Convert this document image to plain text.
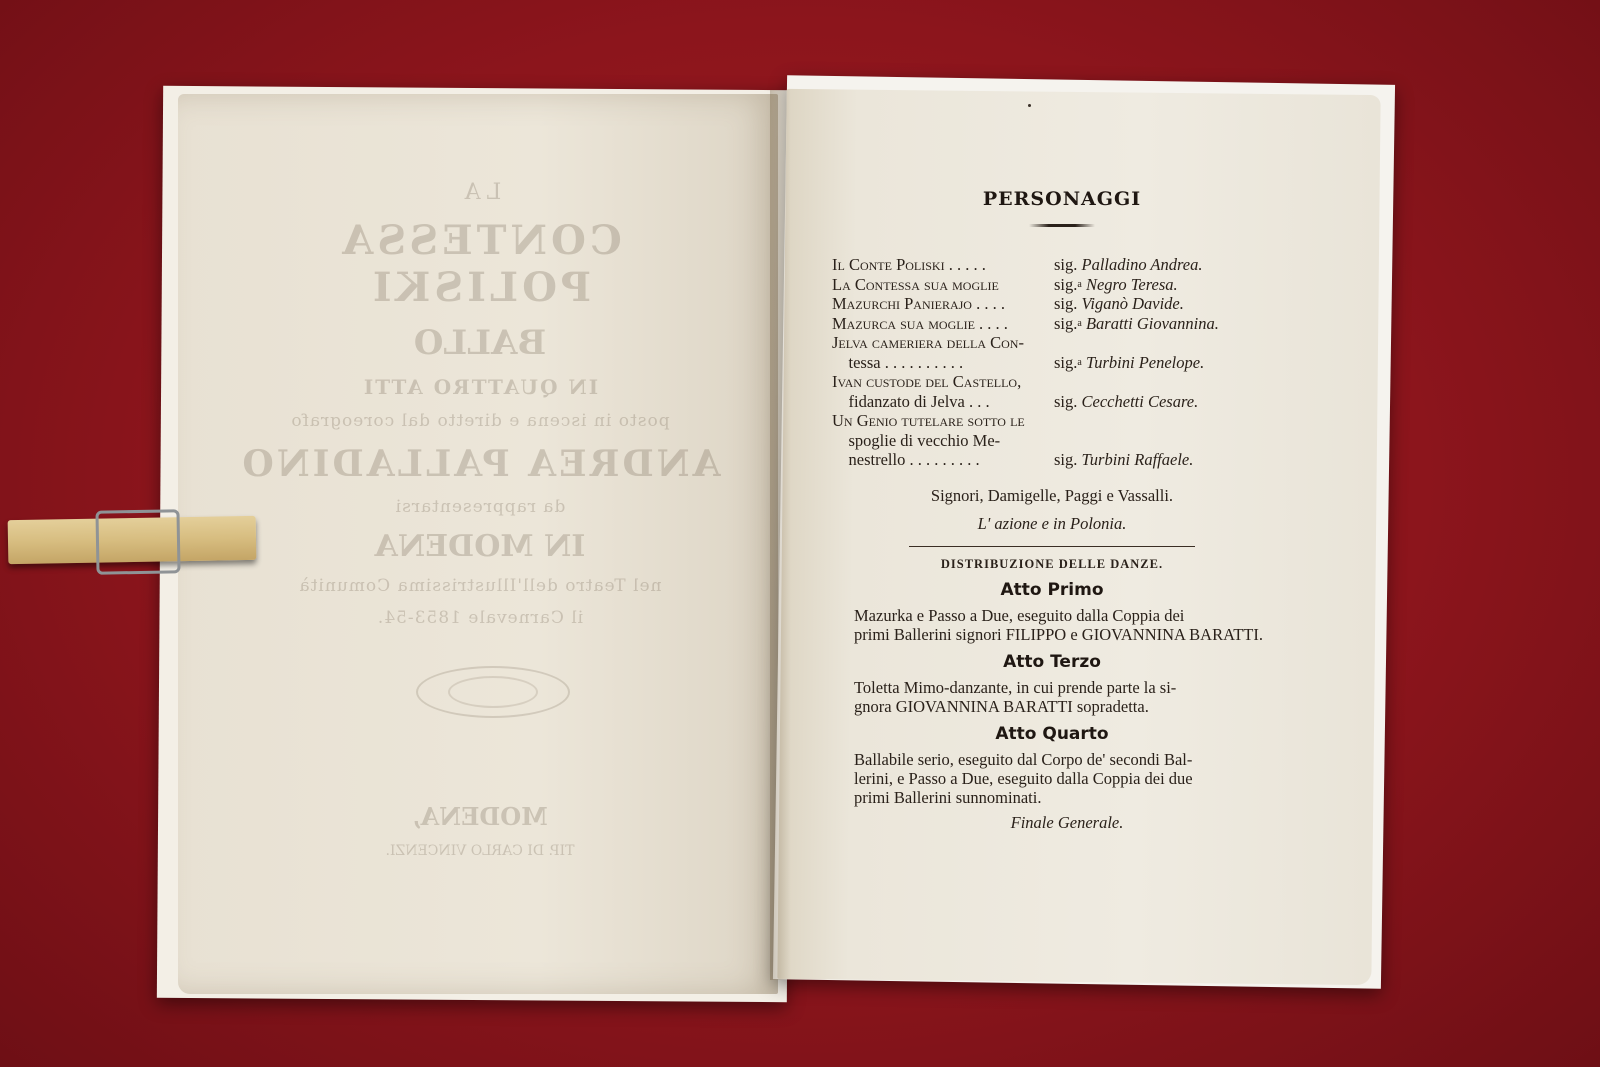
LA
CONTESSA POLISKI
BALLO
IN QUATTRO ATTI
posto in iscena e diretto dal coreografo
ANDREA PALLADINO
da rappresentarsi
IN MODENA
nel Teatro dell'Illustrissima Comunità
il Carnevale 1853-54.
MODENA,
TIP. DI CARLO VINCENZI.
PERSONAGGI
Il Conte Poliski . . . . .	sig. Palladino Andrea.
La Contessa sua moglie	sig.$^a$ Negro Teresa.
Mazurchi Panierajo . . . .	sig. Viganò Davide.
Mazurca sua moglie . . . .	sig.$^a$ Baratti Giovannina.
Jelva cameriera della Con-
tessa . . . . . . . . . .	sig.$^a$ Turbini Penelope.
Ivan custode del Castello,
fidanzato di Jelva . . .	sig. Cecchetti Cesare.
Un Genio tutelare sotto le
spoglie di vecchio Me-
nestrello . . . . . . . . .	sig. Turbini Raffaele.
Signori, Damigelle, Paggi e Vassalli.
L' azione e in Polonia.
DISTRIBUZIONE DELLE DANZE.
Atto Primo
Mazurka e Passo a Due, eseguito dalla Coppia dei
primi Ballerini signori FILIPPO e GIOVANNINA BARATTI.
Atto Terzo
Toletta Mimo-danzante, in cui prende parte la si-
gnora GIOVANNINA BARATTI sopradetta.
Atto Quarto
Ballabile serio, eseguito dal Corpo de' secondi Bal-
lerini, e Passo a Due, eseguito dalla Coppia dei due
primi Ballerini sunnominati.
Finale Generale.
